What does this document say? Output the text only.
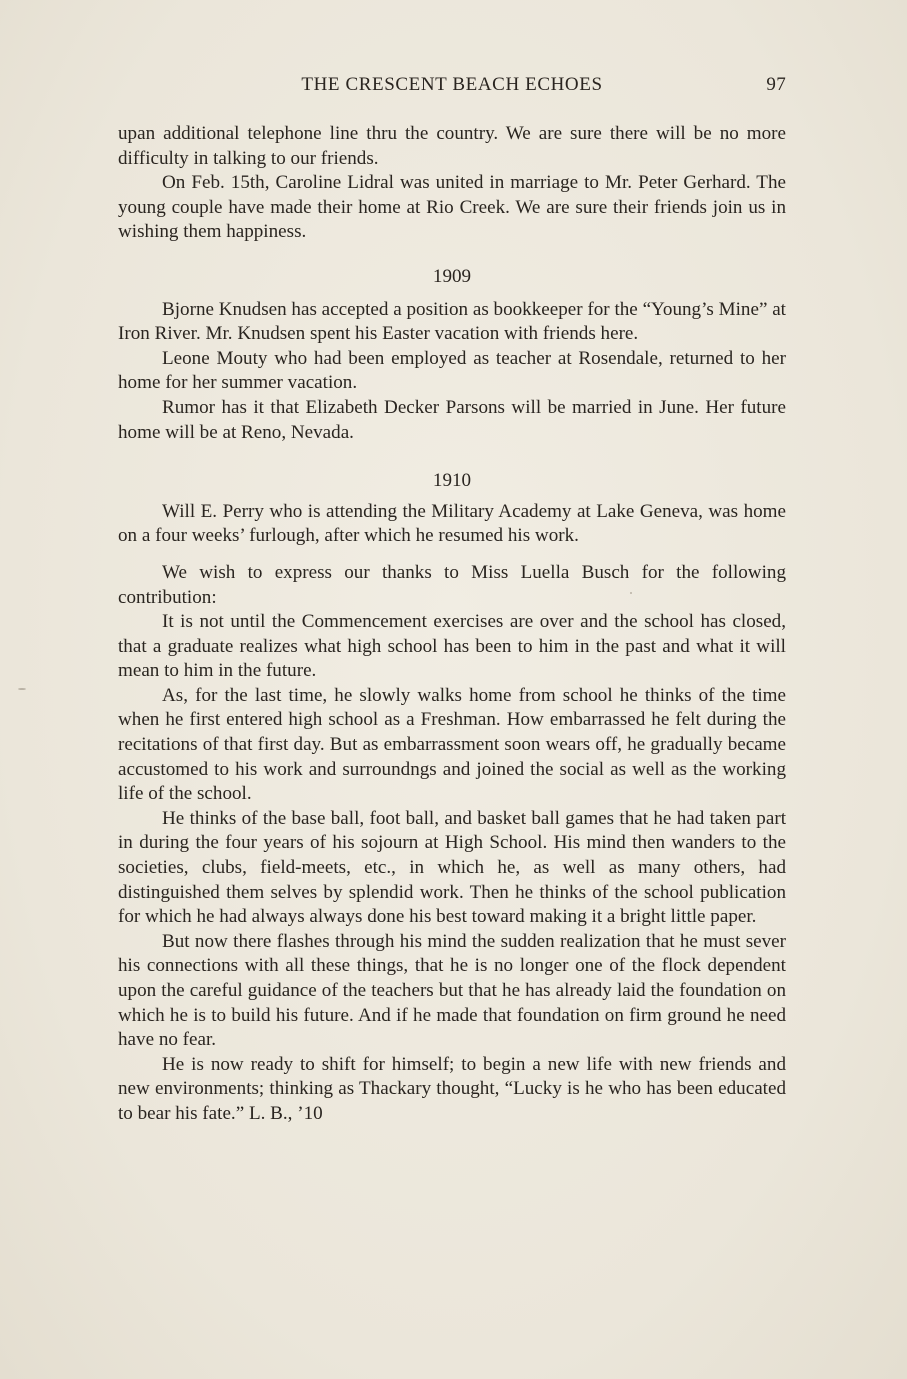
THE CRESCENT BEACH ECHOES	97

upan additional telephone line thru the country. We are sure there will be no more difficulty in talking to our friends.

On Feb. 15th, Caroline Lidral was united in marriage to Mr. Peter Gerhard. The young couple have made their home at Rio Creek. We are sure their friends join us in wishing them happiness.

1909

Bjorne Knudsen has accepted a position as bookkeeper for the “Young’s Mine” at Iron River. Mr. Knudsen spent his Easter vacation with friends here.

Leone Mouty who had been employed as teacher at Rosendale, returned to her home for her summer vacation.

Rumor has it that Elizabeth Decker Parsons will be married in June. Her future home will be at Reno, Nevada.

1910

Will E. Perry who is attending the Military Academy at Lake Geneva, was home on a four weeks’ furlough, after which he resumed his work.

We wish to express our thanks to Miss Luella Busch for the following contribution:

It is not until the Commencement exercises are over and the school has closed, that a graduate realizes what high school has been to him in the past and what it will mean to him in the future.

As, for the last time, he slowly walks home from school he thinks of the time when he first entered high school as a Freshman. How embarrassed he felt during the recitations of that first day. But as embarrassment soon wears off, he gradually became accustomed to his work and surroundngs and joined the social as well as the working life of the school.

He thinks of the base ball, foot ball, and basket ball games that he had taken part in during the four years of his sojourn at High School. His mind then wanders to the societies, clubs, field-meets, etc., in which he, as well as many others, had distinguished them selves by splendid work. Then he thinks of the school publication for which he had always always done his best toward making it a bright little paper.

But now there flashes through his mind the sudden realization that he must sever his connections with all these things, that he is no longer one of the flock dependent upon the careful guidance of the teachers but that he has already laid the foundation on which he is to build his future. And if he made that foundation on firm ground he need have no fear.

He is now ready to shift for himself; to begin a new life with new friends and new environments; thinking as Thackary thought, “Lucky is he who has been educated to bear his fate.” L. B., ’10
